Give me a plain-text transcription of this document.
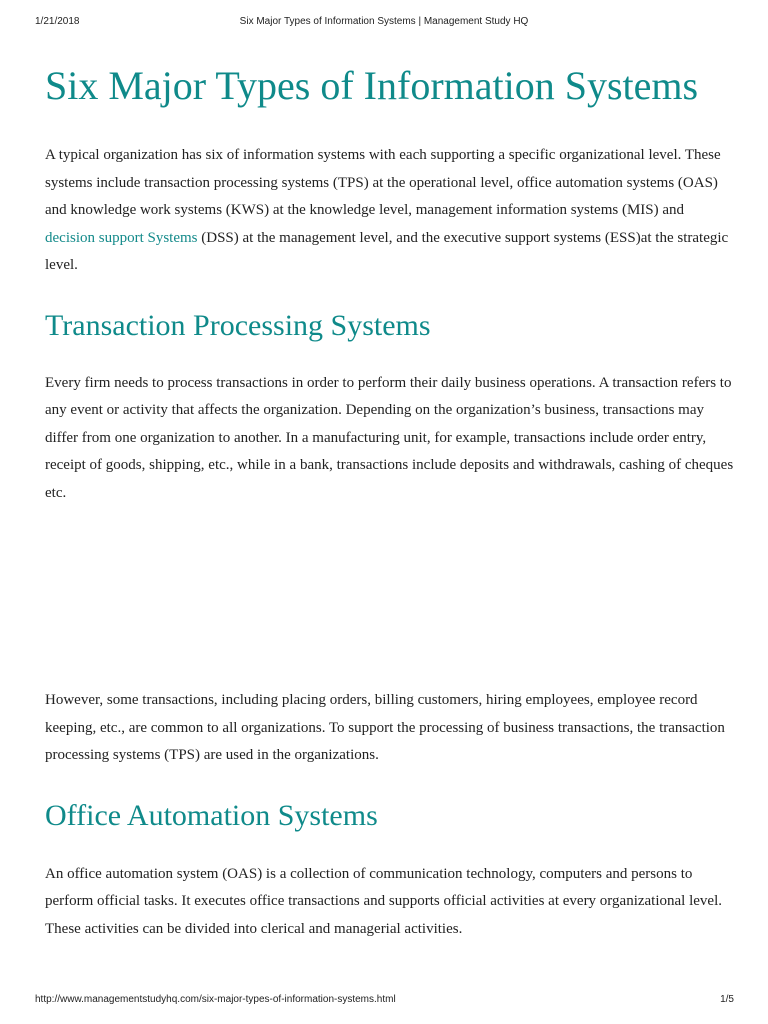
1/21/2018	Six Major Types of Information Systems | Management Study HQ
Six Major Types of Information Systems

A typical organization has six of information systems with each supporting a specific organizational level. These systems include transaction processing systems (TPS) at the operational level, office automation systems (OAS) and knowledge work systems (KWS) at the knowledge level, management information systems (MIS) and decision support Systems (DSS) at the management level, and the executive support systems (ESS)at the strategic level.

Transaction Processing Systems

Every firm needs to process transactions in order to perform their daily business operations. A transaction refers to any event or activity that affects the organization. Depending on the organization’s business, transactions may differ from one organization to another. In a manufacturing unit, for example, transactions include order entry, receipt of goods, shipping, etc., while in a bank, transactions include deposits and withdrawals, cashing of cheques etc.

However, some transactions, including placing orders, billing customers, hiring employees, employee record keeping, etc., are common to all organizations. To support the processing of business transactions, the transaction processing systems (TPS) are used in the organizations.

Office Automation Systems

An office automation system (OAS) is a collection of communication technology, computers and persons to perform official tasks. It executes office transactions and supports official activities at every organizational level. These activities can be divided into clerical and managerial activities.

http://www.managementstudyhq.com/six-major-types-of-information-systems.html	1/5
